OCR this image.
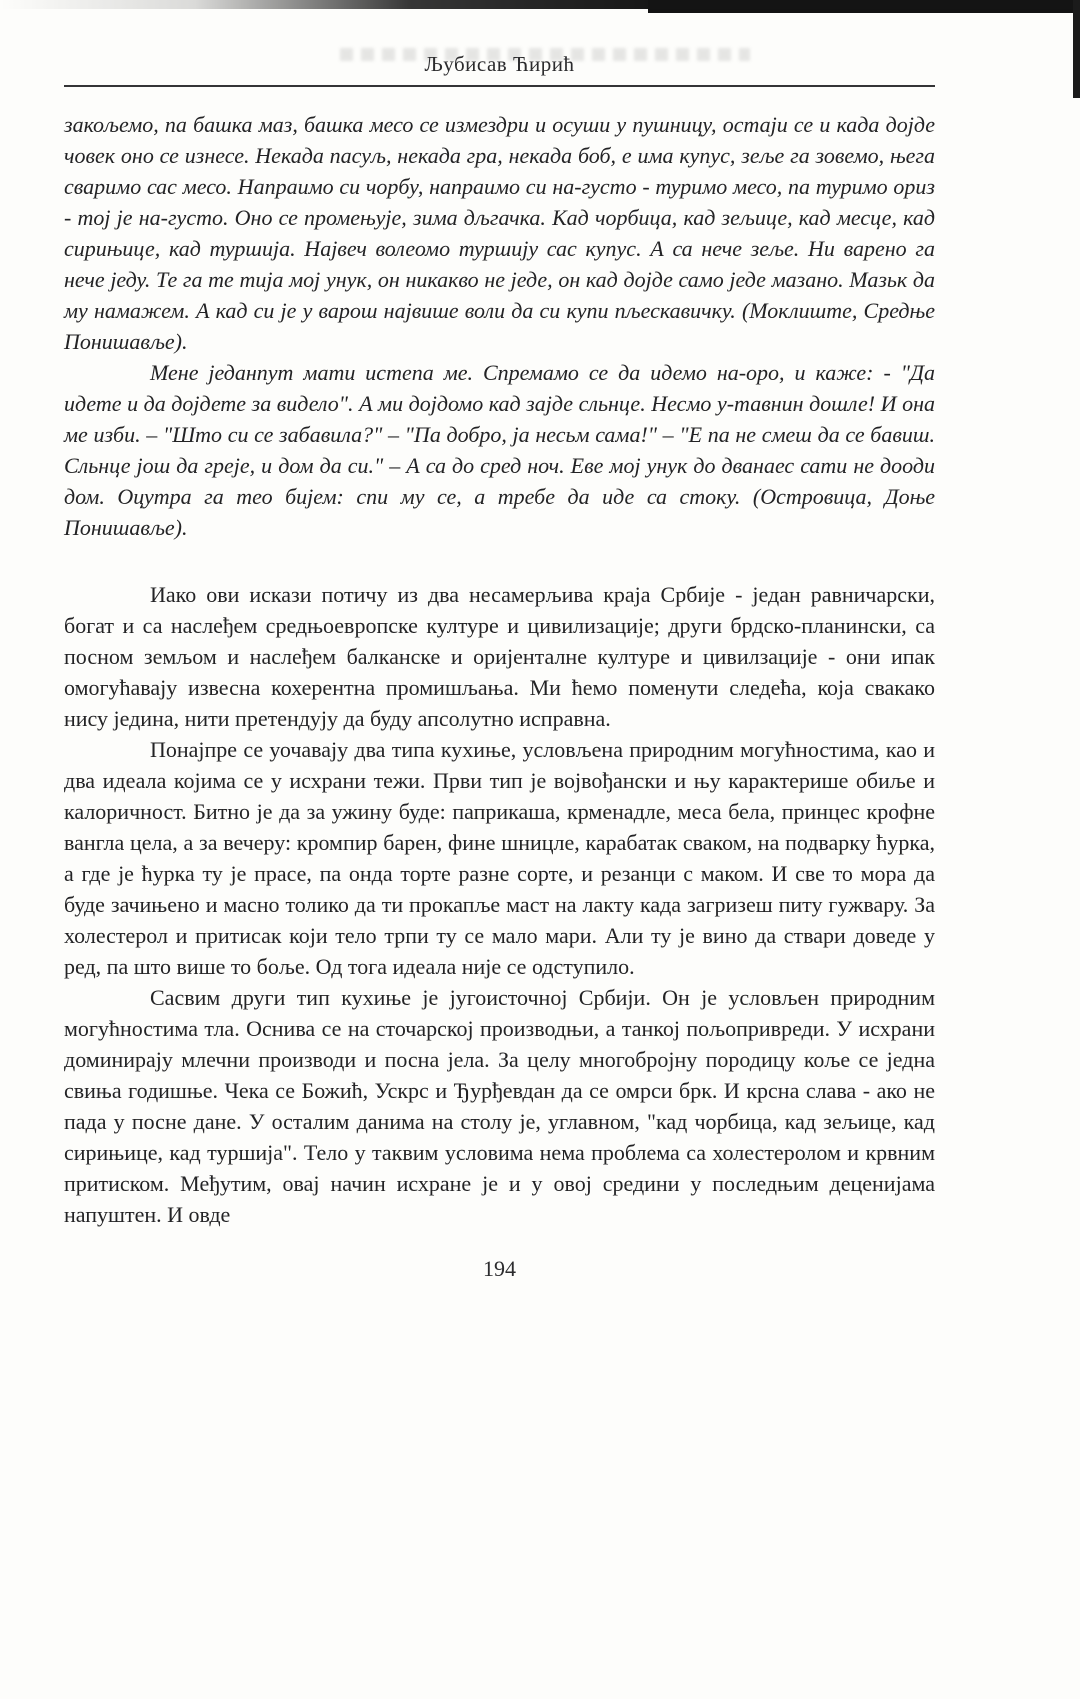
Љубисав Ћирић

закољемо, па башка маз, башка месо се измездри и осуши у пушницу, остаји се и када дојде човек оно се изнесе. Некада пасуљ, некада гра, некада боб, е има купус, зеље га зовемо, њега сваримо сас месо. Напраимо си чорбу, напраимо си на-густо - туримо месо, па туримо ориз - тој је на-густо. Оно се промењује, зима дљгачка. Кад чорбица, кад зељице, кад месце, кад сирињице, кад туршија. Највеч волеомо туршију сас купус. А са нече зеље. Ни варено га нече једу. Те га те тија мој унук, он никакво не једе, он кад дојде само једе мазано. Мазьк да му намажем. А кад си је у варош највише воли да си купи пљескавичку. (Моклиште, Средње Понишавље).

Мене једанпут мати истепа ме. Спремамо се да идемо на-оро, и каже: - "Да идете и да дојдете за видело". А ми дојдомо кад зајде сльнце. Несмо у-тавнин дошле! И она ме изби. – "Што си се забавила?" – "Па добро, ја несьм сама!" – "Е па не смеш да се бавиш. Сльнце још да греје, и дом да си." – А са до сред ноч. Еве мој унук до дванаес сати не дооди дом. Оцутра га тео бијем: спи му се, а требе да иде са стоку. (Островица, Доње Понишавље).

Иако ови искази потичу из два несамерљива краја Србије - један равничарски, богат и са наслеђем средњоевропске културе и цивилизације; други брдско-планински, са посном земљом и наслеђем балканске и оријенталне културе и цивилзације - они ипак омогућавају извесна кохерентна промишљања. Ми ћемо поменути следећа, која свакако нису једина, нити претендују да буду апсолутно исправна.

Понајпре се уочавају два типа кухиње, условљена природним могућностима, као и два идеала којима се у исхрани тежи. Први тип је војвођански и њу карактерише обиље и калоричност. Битно је да за ужину буде: паприкаша, крменадле, меса бела, принцес крофне вангла цела, а за вечеру: кромпир барен, фине шницле, карабатак сваком, на подварку ћурка, а где је ћурка ту је прасе, па онда торте разне сорте, и резанци с маком. И све то мора да буде зачињено и масно толико да ти прокапље маст на лакту када загризеш питу гужвару. За холестерол и притисак који тело трпи ту се мало мари. Али ту је вино да ствари доведе у ред, па што више то боље. Од тога идеала није се одступило.

Сасвим други тип кухиње је југоисточној Србији. Он је условљен природним могућностима тла. Оснива се на сточарској производњи, а танкој пољопривреди. У исхрани доминирају млечни производи и посна јела. За целу многобројну породицу коље се једна свиња годишње. Чека се Божић, Ускрс и Ђурђевдан да се омрси брк. И крсна слава - ако не пада у посне дане. У осталим данима на столу је, углавном, "кад чорбица, кад зељице, кад сирињице, кад туршија". Тело у таквим условима нема проблема са холестеролом и крвним притиском. Међутим, овај начин исхране је и у овој средини у последњим деценијама напуштен. И овде

194
